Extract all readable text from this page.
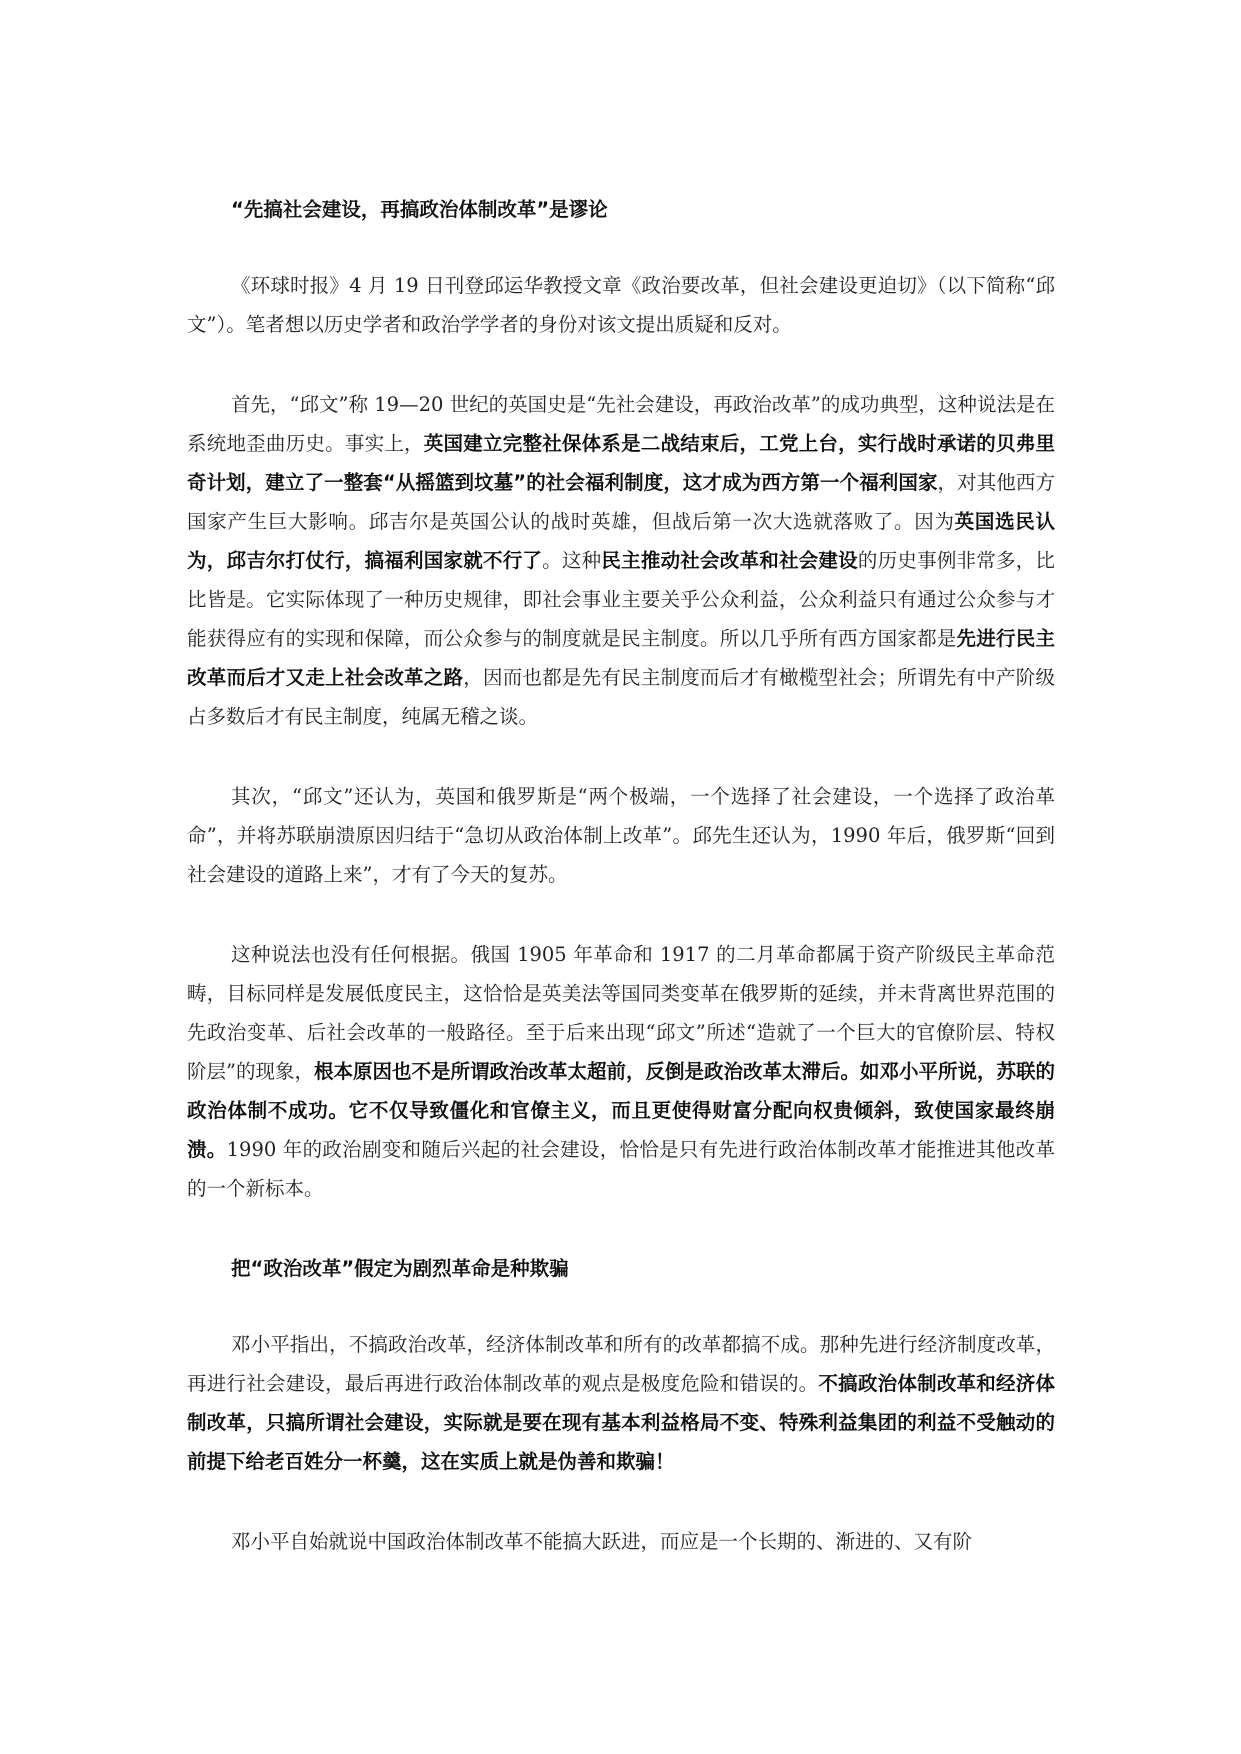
“先搞社会建设，再搞政治体制改革”是谬论

《环球时报》4 月 19 日刊登邱运华教授文章《政治要改革，但社会建设更迫切》（以下简称“邱文”）。笔者想以历史学者和政治学学者的身份对该文提出质疑和反对。

首先，“邱文”称 19—20 世纪的英国史是“先社会建设，再政治改革”的成功典型，这种说法是在系统地歪曲历史。事实上，英国建立完整社保体系是二战结束后，工党上台，实行战时承诺的贝弗里奇计划，建立了一整套“从摇篮到坟墓”的社会福利制度，这才成为西方第一个福利国家，对其他西方国家产生巨大影响。邱吉尔是英国公认的战时英雄，但战后第一次大选就落败了。因为英国选民认为，邱吉尔打仗行，搞福利国家就不行了。这种民主推动社会改革和社会建设的历史事例非常多，比比皆是。它实际体现了一种历史规律，即社会事业主要关乎公众利益，公众利益只有通过公众参与才能获得应有的实现和保障，而公众参与的制度就是民主制度。所以几乎所有西方国家都是先进行民主改革而后才又走上社会改革之路，因而也都是先有民主制度而后才有橄榄型社会；所谓先有中产阶级占多数后才有民主制度，纯属无稽之谈。

其次，“邱文”还认为，英国和俄罗斯是“两个极端，一个选择了社会建设，一个选择了政治革命”，并将苏联崩溃原因归结于“急切从政治体制上改革”。邱先生还认为，1990 年后，俄罗斯“回到社会建设的道路上来”，才有了今天的复苏。

这种说法也没有任何根据。俄国 1905 年革命和 1917 的二月革命都属于资产阶级民主革命范畴，目标同样是发展低度民主，这恰恰是英美法等国同类变革在俄罗斯的延续，并未背离世界范围的先政治变革、后社会改革的一般路径。至于后来出现“邱文”所述“造就了一个巨大的官僚阶层、特权阶层”的现象，根本原因也不是所谓政治改革太超前，反倒是政治改革太滞后。如邓小平所说，苏联的政治体制不成功。它不仅导致僵化和官僚主义，而且更使得财富分配向权贵倾斜，致使国家最终崩溃。1990 年的政治剧变和随后兴起的社会建设，恰恰是只有先进行政治体制改革才能推进其他改革的一个新标本。

把“政治改革”假定为剧烈革命是种欺骗

邓小平指出，不搞政治改革，经济体制改革和所有的改革都搞不成。那种先进行经济制度改革，再进行社会建设，最后再进行政治体制改革的观点是极度危险和错误的。不搞政治体制改革和经济体制改革，只搞所谓社会建设，实际就是要在现有基本利益格局不变、特殊利益集团的利益不受触动的前提下给老百姓分一杯羹，这在实质上就是伪善和欺骗！

邓小平自始就说中国政治体制改革不能搞大跃进，而应是一个长期的、渐进的、又有阶
